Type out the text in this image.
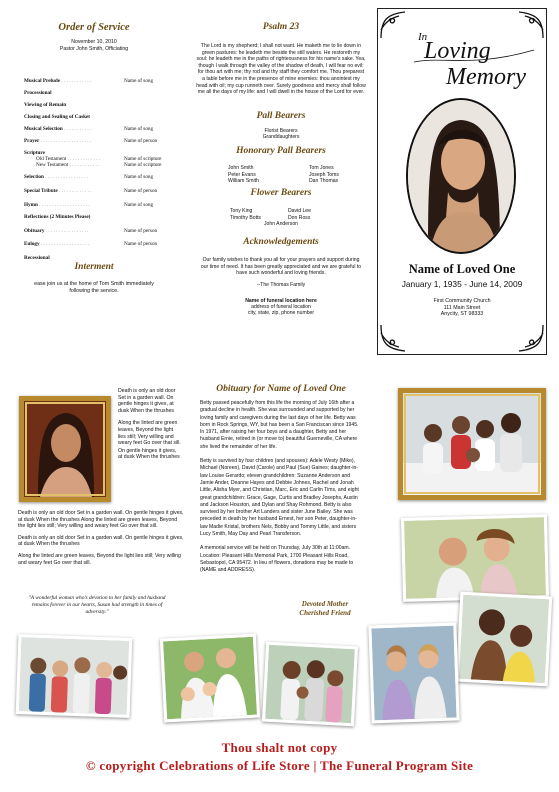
Order of Service
November 10, 2010
Pastor John Smith, Officiating
Musical Prelude . . . . . . . . . . . .	Name of song
Processional
Viewing of Remain
Closing and Sealing of Casket
Musical Selection . . . . . . . . . . .	Name of song
Prayer . . . . . . . . . . . . . . . . . . . .	Name of person
Scripture
Old Testament . . . . . . . . . . . . .	Name of scripture
New Testament . . . . . . . . . . . .	Name of scripture
Selection . . . . . . . . . . . . . . . . .	Name of song
Special Tribute . . . . . . . . . . . . .	Name of person
Hymn . . . . . . . . . . . . . . . . . . . .	Name of song
Reflections (2 Minutes Please)
Obituary . . . . . . . . . . . . . . . . .	Name of person
Eulogy . . . . . . . . . . . . . . . . . . .	Name of person
Recessional
Interment
ease join us at the home of Tom Smith immediately following the service.
Psalm 23
The Lord is my shepherd; I shall not want. He maketh me to lie down in green pastures: he leadeth me beside the still waters. He restoreth my soul: he leadeth me in the paths of righteousness for his name's sake. Yea, though I walk through the valley of the shadow of death, I will fear no evil: for thou art with me; thy rod and thy staff they comfort me. Thou preparest a table before me in the presence of mine enemies: thou anointest my head with oil; my cup runneth over. Surely goodness and mercy shall follow me all the days of my life: and I will dwell in the house of the Lord for ever.
Pall Bearers
Florist Bearers
Granddaughters
Honorary Pall Bearers
John Smith
Peter Evans
William Smith
Tom Jones
Joseph Toms
Dan Thomas
Flower Bearers
Tony King
Timothy Botts
David Lee
Don Ross
John Anderson
Acknowledgements
Our family wishes to thank you all for your prayers and support during our time of need. It has been greatly appreciated and we are grateful to have such wonderful and loving friends.
--The Thomas Family
Name of funeral location here
address of funeral location
city, state, zip, phone number
In
Loving
Memory
Name of Loved One
January 1, 1935 - June 14, 2009
First Community Church
111 Main Street
Anycity, ST 98333
Death is only an old door Set in a garden wall. On gentle hinges it gives, at dusk When the thrushes
Along the linted are green leaves, Beyond the light lies still; Very willing and weary feet Go over that sill.
On gentle hinges it gives, at dusk When the thrushes
Death is only an old door Set in a garden wall. On gentle hinges it gives, at dusk When the thrushes Along the linted are green leaves, Beyond the light lies still; Very willing and weary feet Go over that sill.
Death is only an old door Set in a garden wall. On gentle hinges it gives, at dusk When the thrushes
Along the linted are green leaves, Beyond the light lies still; Very willing and weary feet Go over that sill.
"A wonderful woman who's devotion to her family and husband remains forever in our hearts, Susan had strength in times of adversity."
Obituary for Name of Loved One
Betty passed peacefully from this life the morning of July 16th after a gradual decline in health. She was surrounded and supported by her loving family and caregivers during the last days of her life. Betty was born in Rock Springs, WY, but has been a San Franciscan since 1945. In 1971, after raising her four boys and a daughter, Betty and her husband Ernie, retired in (or move to) beautiful Guerneville, CA where she lived the remainder of her life.
Betty is survived by four children (and spouses): Adele Westy (Mike), Michael (Noreen), David (Carole) and Paul (Sue) Gaines; daughter-in-law Louise Gerardo; eleven grandchildren: Suzanne Anderson and Jamie Ander, Deanne Hayes and Debbie Johnes, Rachel and Jonah Little, Alisha Myer, and Christian, Marc, Eric and Carlin Tims, and eight great grandchildren: Grace, Gage, Curtis and Bradley Josephs, Austin and Jackson Houston, and Dylan and Shay Rohmond. Betty is also survived by her brother Art Landers and sister June Bailey. She was preceded in death by her husband Ernest, her son Peter, daughter-in-law Madie Kristal, brothers Nels, Bobby and Tommy Little, and sisters Lucy Smith, May Day and Pearl Transferson.
A memorial service will be held on Thursday, July 30th at 11:00am. Location: Pleasant Hills Memorial Park, 1700 Pleasant Hills Road, Sebastopol, CA 95472. In lieu of flowers, donations may be made to (NAME and ADDRESS).
Devoted Mother
Cherished Friend
Thou shalt not copy
© copyright Celebrations of Life Store | The Funeral Program Site
